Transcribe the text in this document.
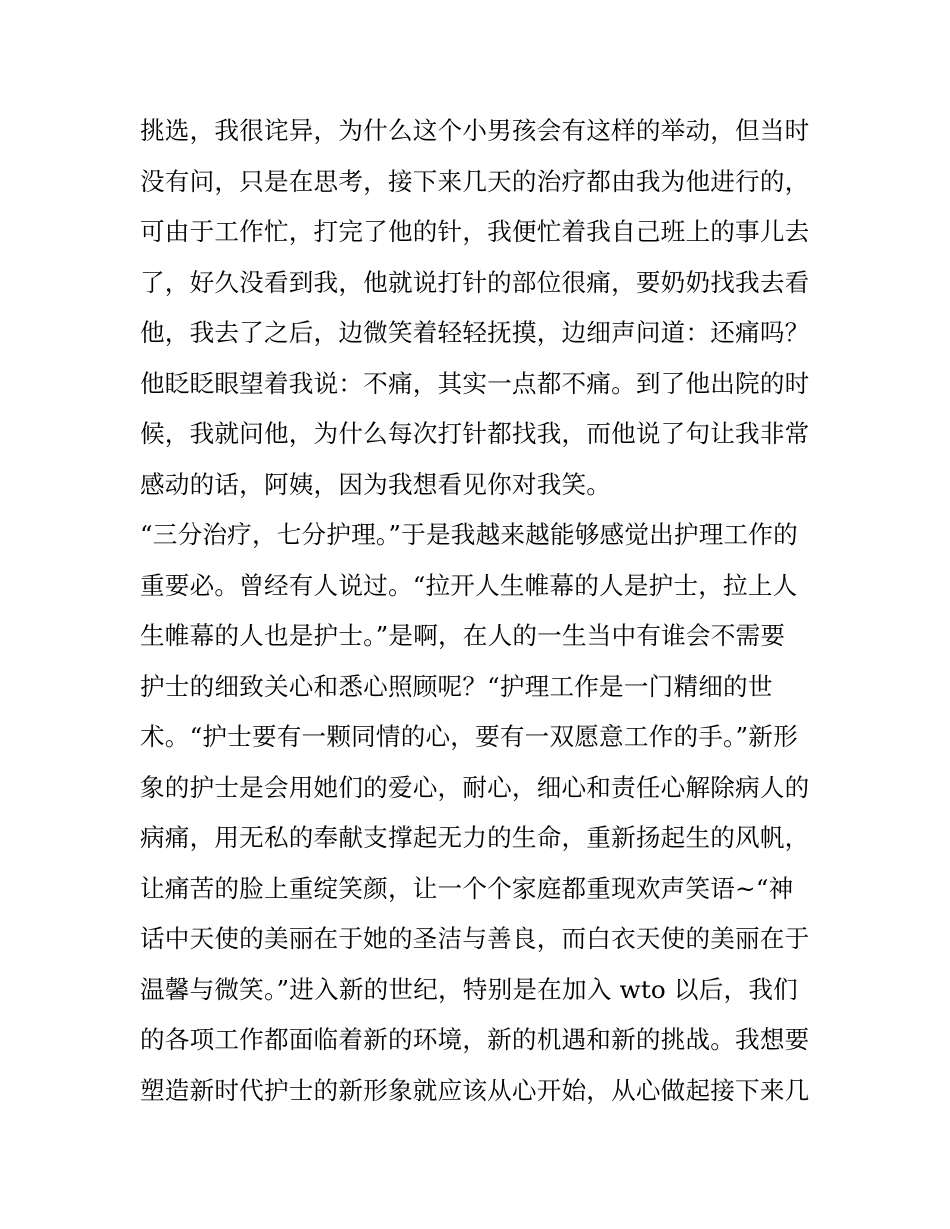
挑选，我很诧异，为什么这个小男孩会有这样的举动，但当时
没有问，只是在思考，接下来几天的治疗都由我为他进行的，
可由于工作忙，打完了他的针，我便忙着我自己班上的事儿去
了，好久没看到我，他就说打针的部位很痛，要奶奶找我去看
他，我去了之后，边微笑着轻轻抚摸，边细声问道：还痛吗？
他眨眨眼望着我说：不痛，其实一点都不痛。到了他出院的时
候，我就问他，为什么每次打针都找我，而他说了句让我非常
感动的话，阿姨，因为我想看见你对我笑。
“三分治疗，七分护理。”于是我越来越能够感觉出护理工作的
重要必。曾经有人说过。“拉开人生帷幕的人是护士，拉上人
生帷幕的人也是护士。”是啊，在人的一生当中有谁会不需要
护士的细致关心和悉心照顾呢？“护理工作是一门精细的世
术。“护士要有一颗同情的心，要有一双愿意工作的手。”新形
象的护士是会用她们的爱心，耐心，细心和责任心解除病人的
病痛，用无私的奉献支撑起无力的生命，重新扬起生的风帆，
让痛苦的脸上重绽笑颜，让一个个家庭都重现欢声笑语~“神
话中天使的美丽在于她的圣洁与善良，而白衣天使的美丽在于
温馨与微笑。”进入新的世纪，特别是在加入 wto 以后，我们
的各项工作都面临着新的环境，新的机遇和新的挑战。我想要
塑造新时代护士的新形象就应该从心开始，从心做起接下来几
